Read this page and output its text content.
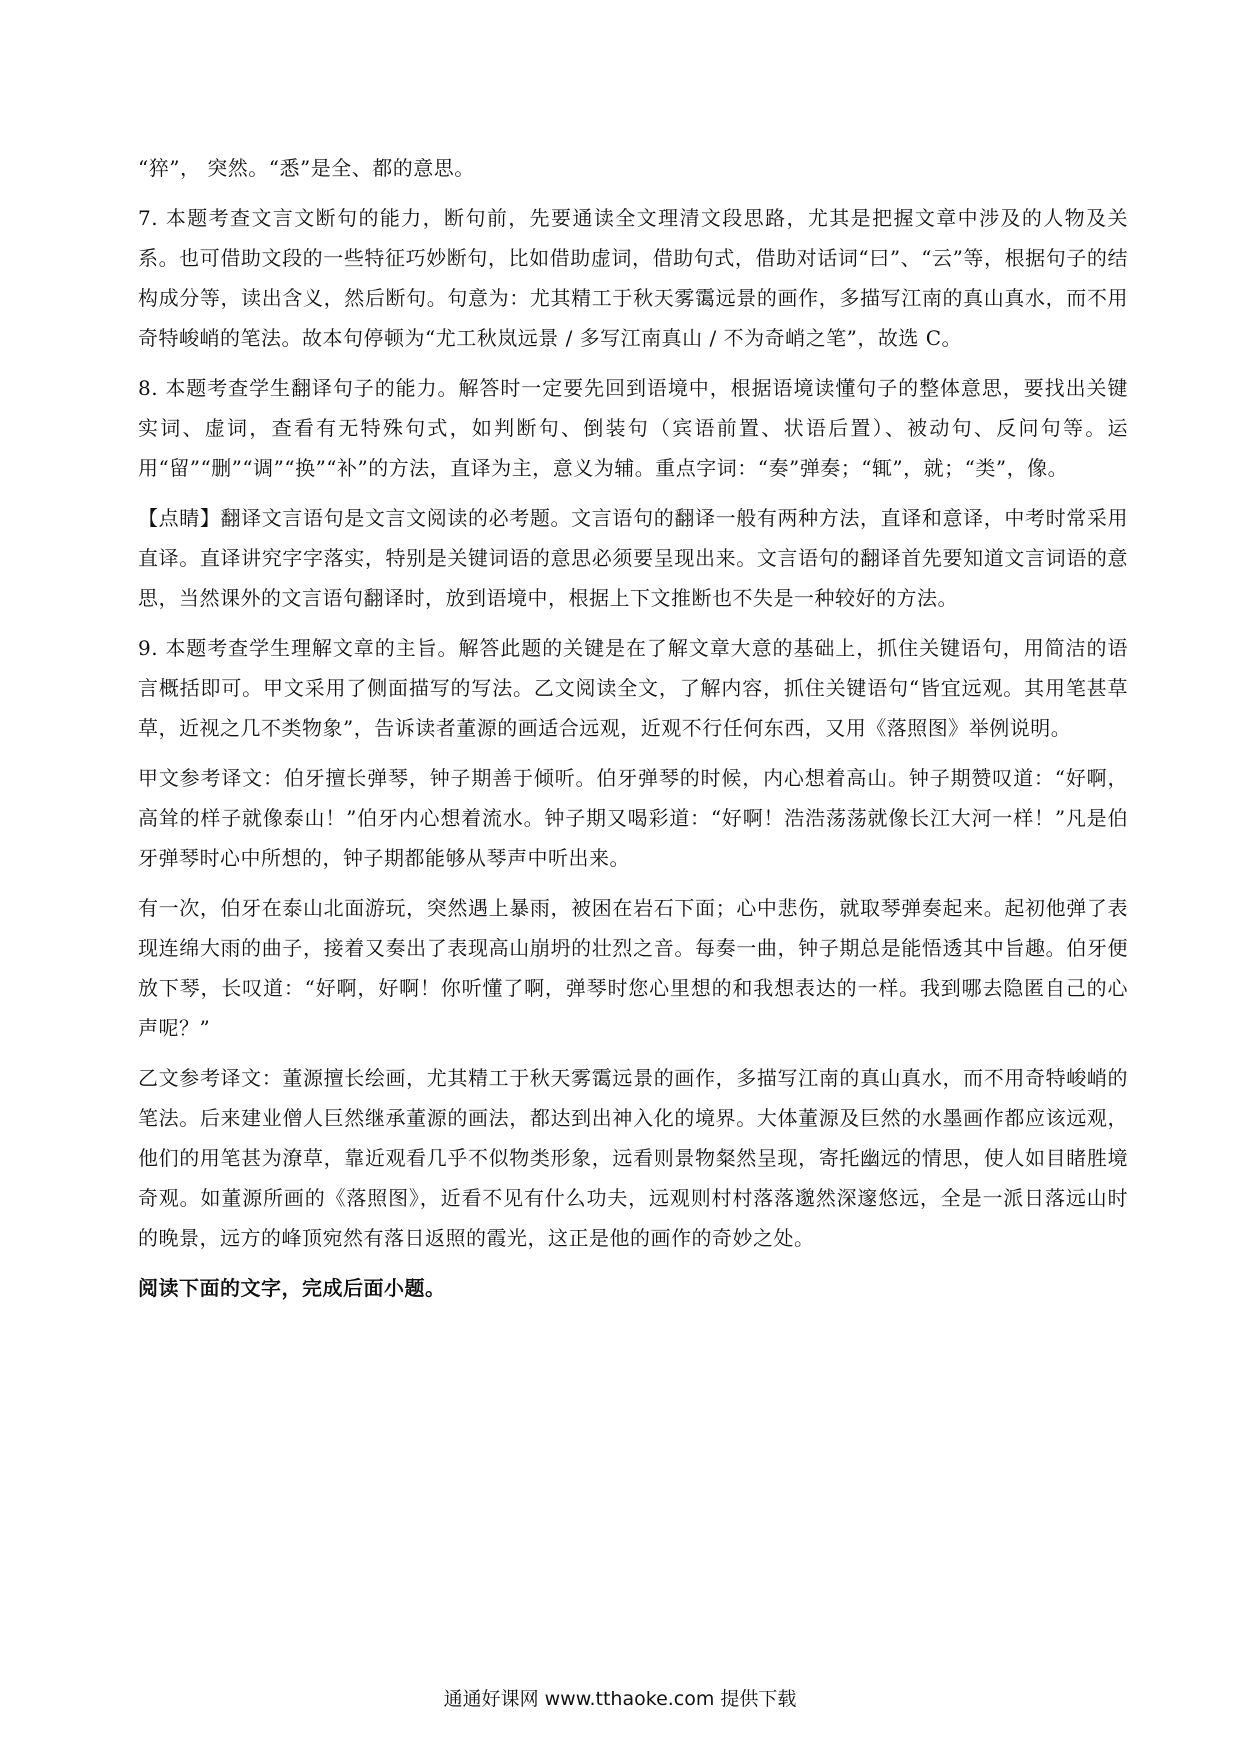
“猝”， 突然。“悉”是全、都的意思。

7. 本题考查文言文断句的能力，断句前，先要通读全文理清文段思路，尤其是把握文章中涉及的人物及关系。也可借助文段的一些特征巧妙断句，比如借助虚词，借助句式，借助对话词“曰”、“云”等，根据句子的结构成分等，读出含义，然后断句。句意为：尤其精工于秋天雾霭远景的画作，多描写江南的真山真水，而不用奇特峻峭的笔法。故本句停顿为“尤工秋岚远景 / 多写江南真山 / 不为奇峭之笔”，故选 C。

8. 本题考查学生翻译句子的能力。解答时一定要先回到语境中，根据语境读懂句子的整体意思，要找出关键实词、虚词，查看有无特殊句式，如判断句、倒装句（宾语前置、状语后置）、被动句、反问句等。运用“留”“删”“调”“换”“补”的方法，直译为主，意义为辅。重点字词：“奏”弹奏；“辄”，就；“类”，像。

【点睛】翻译文言语句是文言文阅读的必考题。文言语句的翻译一般有两种方法，直译和意译，中考时常采用直译。直译讲究字字落实，特别是关键词语的意思必须要呈现出来。文言语句的翻译首先要知道文言词语的意思，当然课外的文言语句翻译时，放到语境中，根据上下文推断也不失是一种较好的方法。

9. 本题考查学生理解文章的主旨。解答此题的关键是在了解文章大意的基础上，抓住关键语句，用简洁的语言概括即可。甲文采用了侧面描写的写法。乙文阅读全文，了解内容，抓住关键语句“皆宜远观。其用笔甚草草，近视之几不类物象”，告诉读者董源的画适合远观，近观不行任何东西，又用《落照图》举例说明。

甲文参考译文：伯牙擅长弹琴，钟子期善于倾听。伯牙弹琴的时候，内心想着高山。钟子期赞叹道：“好啊，高耸的样子就像泰山！”伯牙内心想着流水。钟子期又喝彩道：“好啊！浩浩荡荡就像长江大河一样！”凡是伯牙弹琴时心中所想的，钟子期都能够从琴声中听出来。

有一次，伯牙在泰山北面游玩，突然遇上暴雨，被困在岩石下面；心中悲伤，就取琴弹奏起来。起初他弹了表现连绵大雨的曲子，接着又奏出了表现高山崩坍的壮烈之音。每奏一曲，钟子期总是能悟透其中旨趣。伯牙便放下琴，长叹道：“好啊，好啊！你听懂了啊，弹琴时您心里想的和我想表达的一样。我到哪去隐匿自己的心声呢？”

乙文参考译文：董源擅长绘画，尤其精工于秋天雾霭远景的画作，多描写江南的真山真水，而不用奇特峻峭的笔法。后来建业僧人巨然继承董源的画法，都达到出神入化的境界。大体董源及巨然的水墨画作都应该远观，他们的用笔甚为潦草，靠近观看几乎不似物类形象，远看则景物粲然呈现，寄托幽远的情思，使人如目睹胜境奇观。如董源所画的《落照图》，近看不见有什么功夫，远观则村村落落邈然深邃悠远，全是一派日落远山时的晚景，远方的峰顶宛然有落日返照的霞光，这正是他的画作的奇妙之处。

阅读下面的文字，完成后面小题。

通通好课网 www.tthaoke.com 提供下载
